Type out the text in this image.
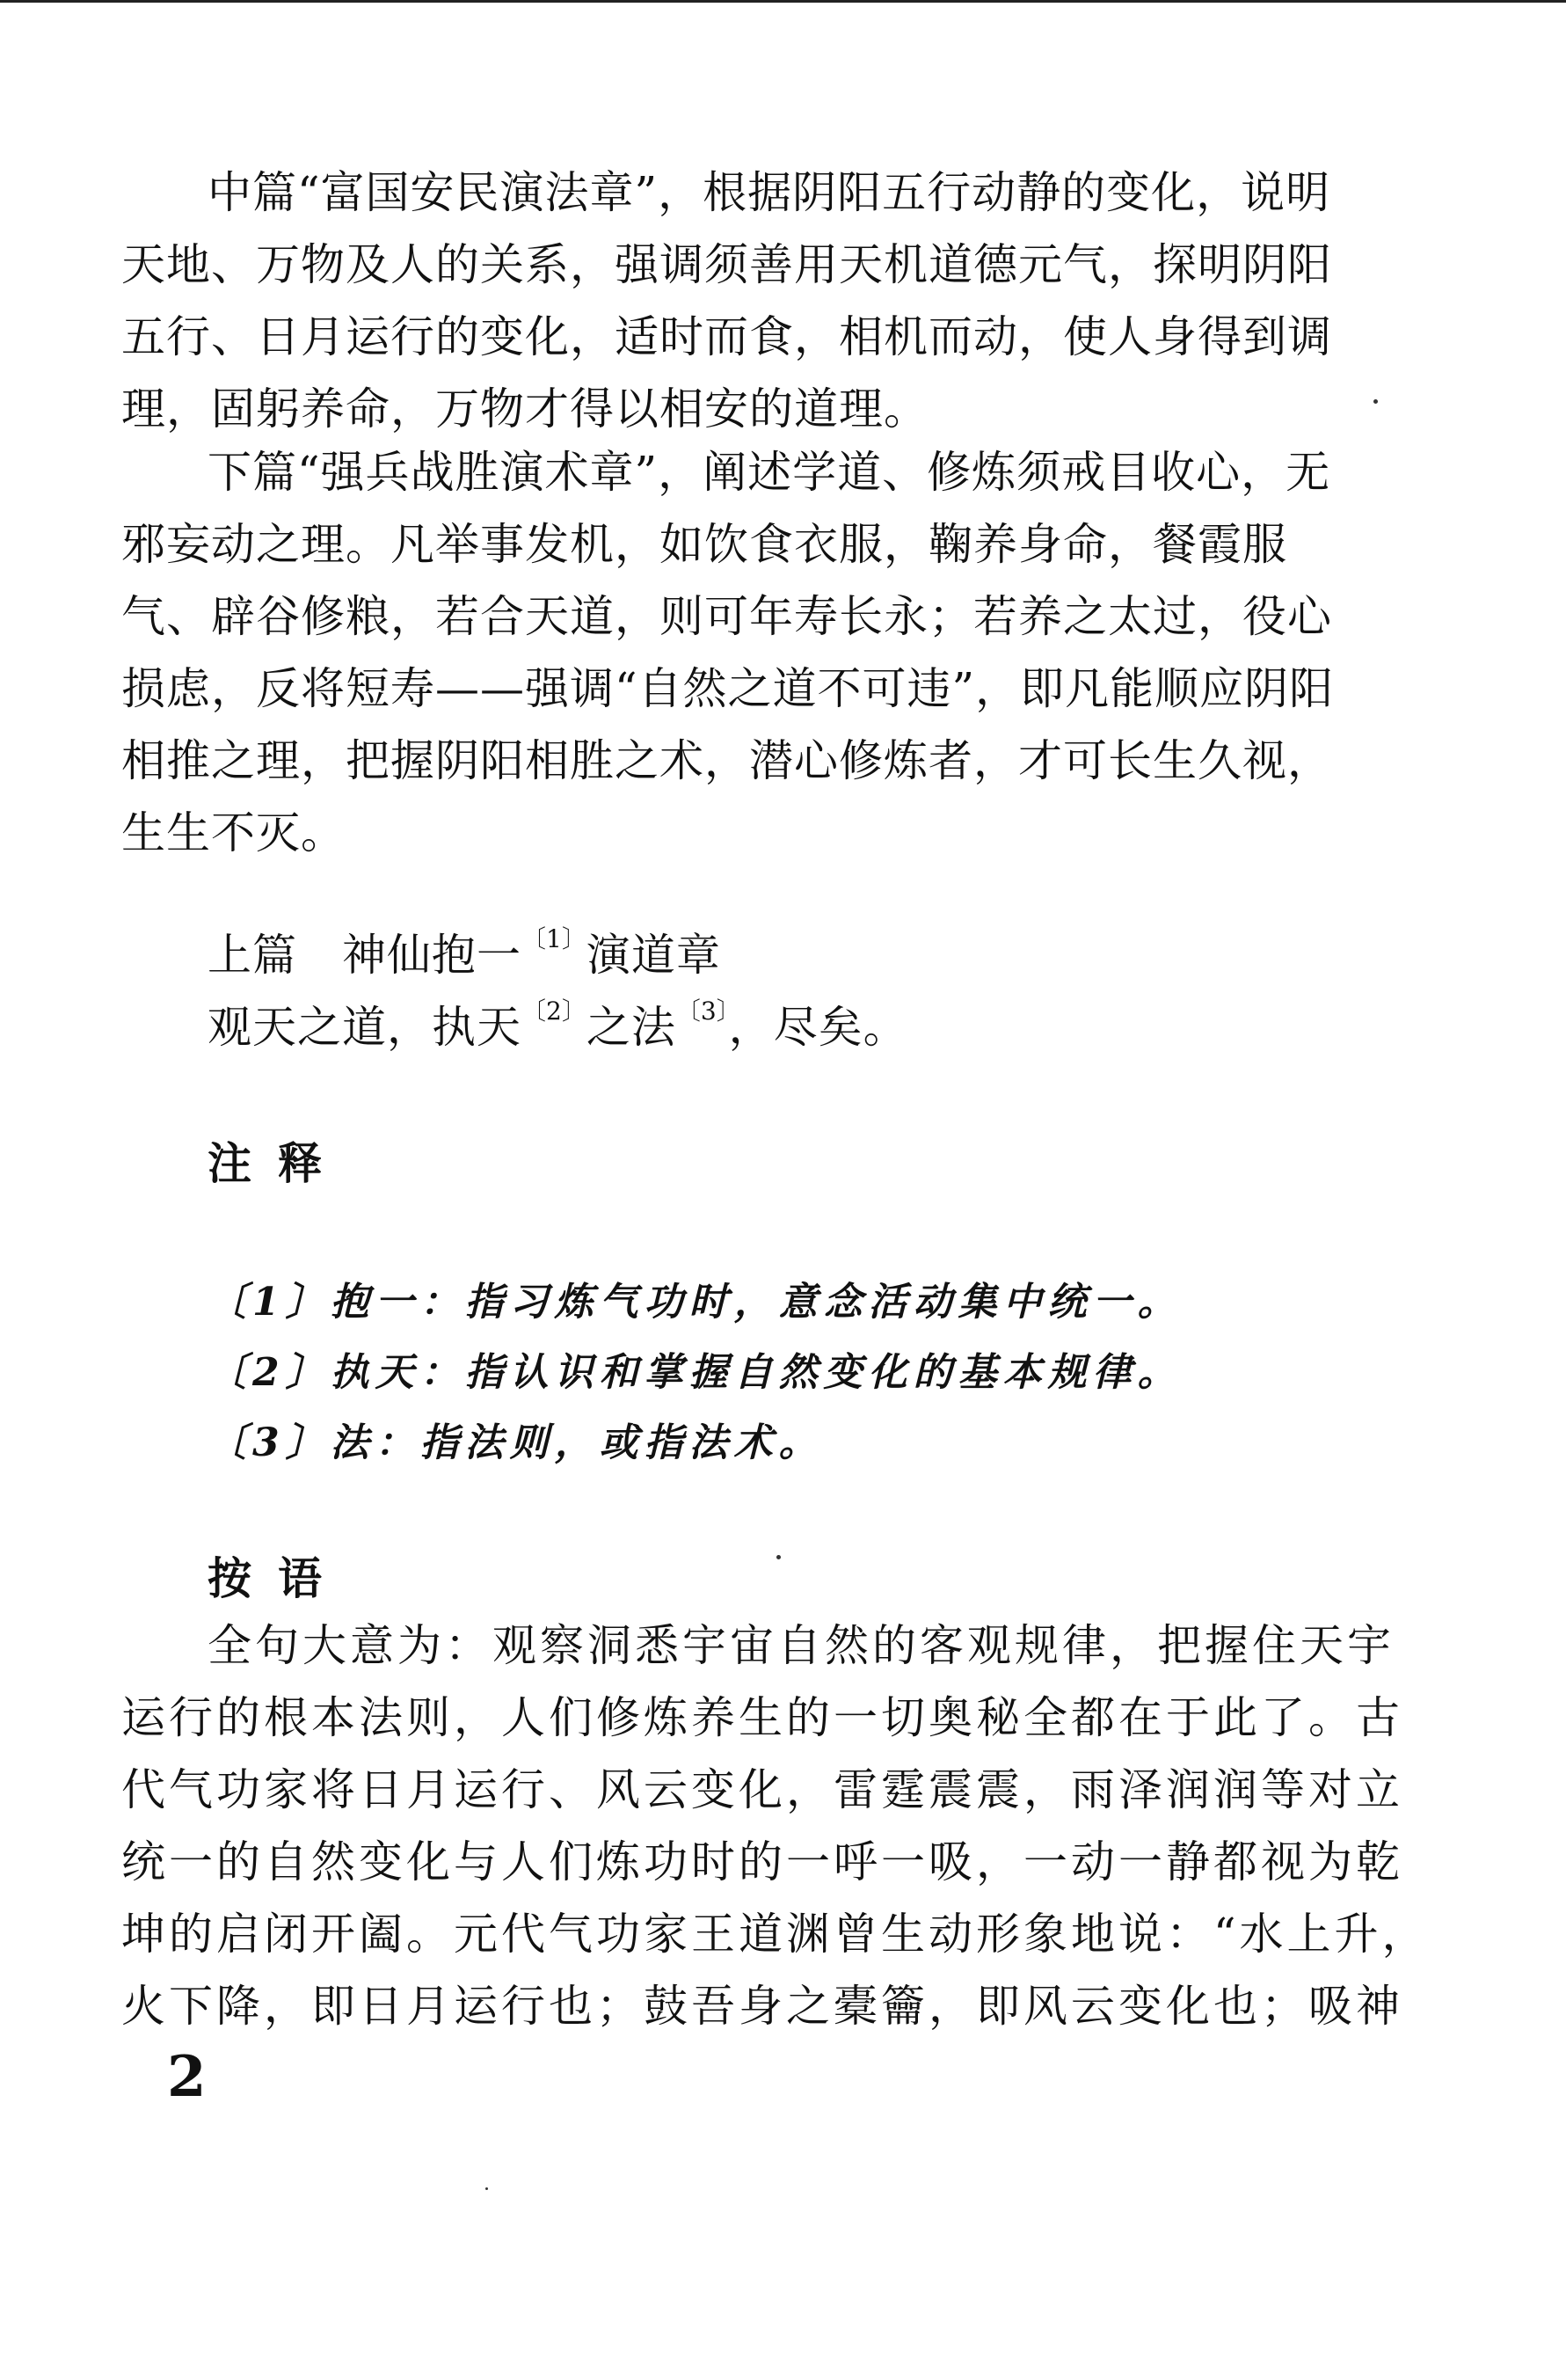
中篇“富国安民演法章”，根据阴阳五行动静的变化，说明
天地、万物及人的关系，强调须善用天机道德元气，探明阴阳
五行、日月运行的变化，适时而食，相机而动，使人身得到调
理，固躬养命，万物才得以相安的道理。
下篇“强兵战胜演术章”，阐述学道、修炼须戒目收心，无
邪妄动之理。凡举事发机，如饮食衣服，鞠养身命，餐霞服
气、辟谷修粮，若合天道，则可年寿长永；若养之太过，役心
损虑，反将短寿——强调“自然之道不可违”，即凡能顺应阴阳
相推之理，把握阴阳相胜之术，潜心修炼者，才可长生久视，
生生不灭。
上篇　神仙抱一$^{〔1〕}$演道章
观天之道，执天$^{〔2〕}$之法$^{〔3〕}$，尽矣。
注释
〔1〕抱一：指习炼气功时，意念活动集中统一。
〔2〕执天：指认识和掌握自然变化的基本规律。
〔3〕法：指法则，或指法术。
按语
全句大意为：观察洞悉宇宙自然的客观规律，把握住天宇
运行的根本法则，人们修炼养生的一切奥秘全都在于此了。古
代气功家将日月运行、风云变化，雷霆震震，雨泽润润等对立
统一的自然变化与人们炼功时的一呼一吸，一动一静都视为乾
坤的启闭开阖。元代气功家王道渊曾生动形象地说：“水上升，
火下降，即日月运行也；鼓吾身之橐籥，即风云变化也；吸神
2
